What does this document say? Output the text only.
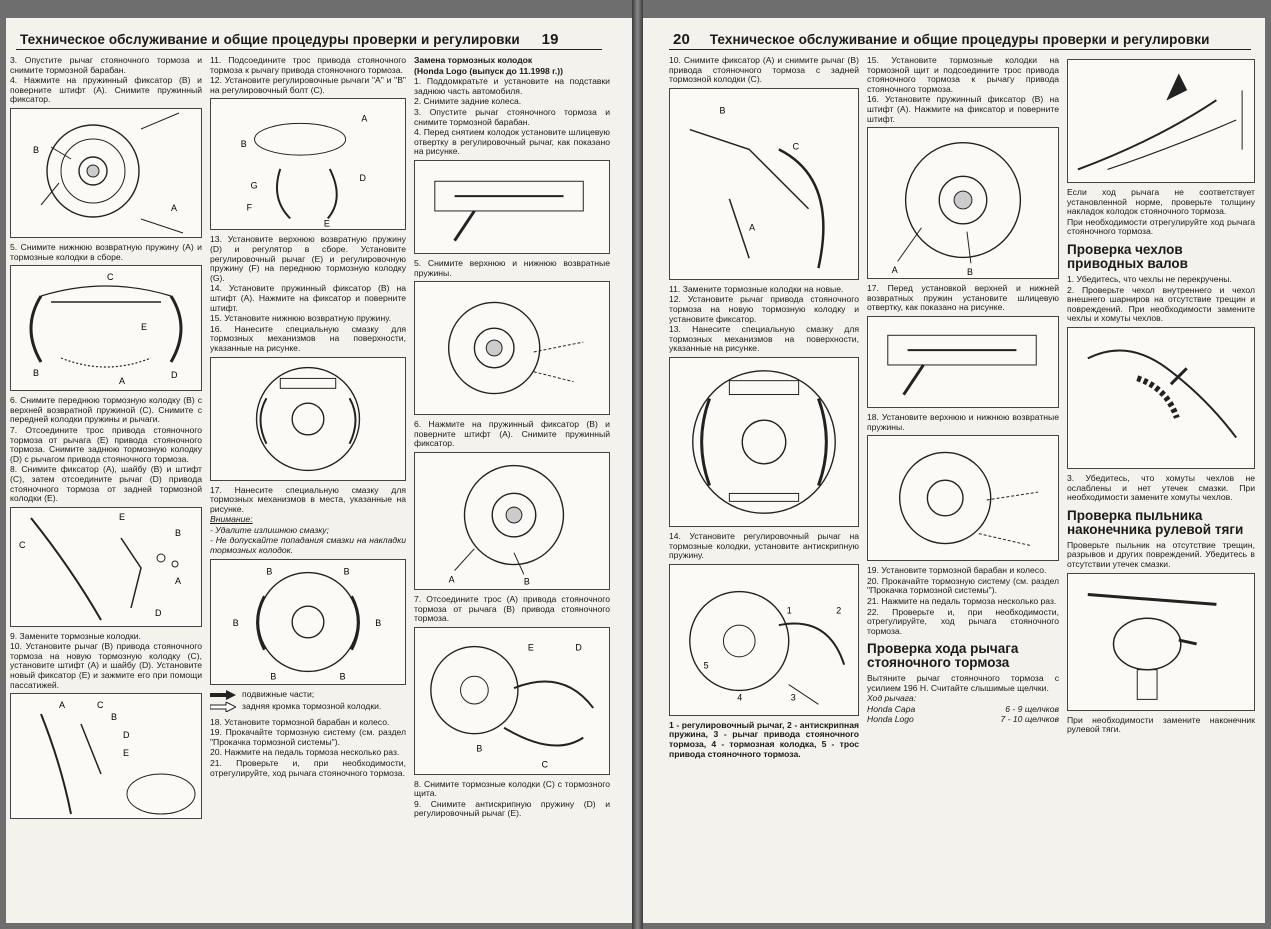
Техническое обслуживание и общие процедуры проверки и регулировки 19

3. Опустите рычаг стояночного тормоза и снимите тормозной барабан.

4. Нажмите на пружинный фиксатор (В) и поверните штифт (А). Снимите пружинный фиксатор.

B
A

5. Снимите нижнюю возвратную пружину (А) и тормозные колодки в сборе.

C
E
B
A
D

6. Снимите переднюю тормозную колодку (В) с верхней возвратной пружиной (С). Снимите с передней колодки пружины и рычаги.

7. Отсоедините трос привода стояночного тормоза от рычага (Е) привода стояночного тормоза. Снимите заднюю тормозную колодку (D) с рычагом привода стояночного тормоза.

8. Снимите фиксатор (А), шайбу (В) и штифт (С), затем отсоедините рычаг (D) привода стояночного тормоза от задней тормозной колодки (Е).

E
C
B
A
D

9. Замените тормозные колодки.

10. Установите рычаг (В) привода стояночного тормоза на новую тормозную колодку (С), установите штифт (А) и шайбу (D). Установите новый фиксатор (Е) и зажмите его при помощи пассатижей.

A	C
B
D
E

11. Подсоедините трос привода стояночного тормоза к рычагу привода стояночного тормоза.

12. Установите регулировочные рычаги "А" и "В" на регулировочный болт (С).

A
B
D
G
F
E

13. Установите верхнюю возвратную пружину (D) и регулятор в сборе. Установите регулировочный рычаг (Е) и регулировочную пружину (F) на переднюю тормозную колодку (G).

14. Установите пружинный фиксатор (В) на штифт (А). Нажмите на фиксатор и поверните штифт.

15. Установите нижнюю возвратную пружину.

16. Нанесите специальную смазку для тормозных механизмов на поверхности, указанные на рисунке.

17. Нанесите специальную смазку для тормозных механизмов в места, указанные на рисунке.

Внимание:

- Удалите излишнюю смазку;

- Не допускайте попадания смазки на накладки тормозных колодок.

B	B
B	B
B	B
подвижные части;
задняя кромка тормозной колодки.

18. Установите тормозной барабан и колесо.

19. Прокачайте тормозную систему (см. раздел "Прокачка тормозной системы").

20. Нажмите на педаль тормоза несколько раз.

21. Проверьте и, при необходимости, отрегулируйте, ход рычага стояночного тормоза.

Замена тормозных колодок

(Honda Logo (выпуск до 11.1998 г.))

1. Поддомкратьте и установите на подставки заднюю часть автомобиля.

2. Снимите задние колеса.

3. Опустите рычаг стояночного тормоза и снимите тормозной барабан.

4. Перед снятием колодок установите шлицевую отвертку в регулировочный рычаг, как показано на рисунке.

5. Снимите верхнюю и нижнюю возвратные пружины.

6. Нажмите на пружинный фиксатор (В) и поверните штифт (А). Снимите пружинный фиксатор.

A	B

7. Отсоедините трос (А) привода стояночного тормоза от рычага (В) привода стояночного тормоза.

E	D
B
C

8. Снимите тормозные колодки (С) с тормозного щита.

9. Снимите антискрипную пружину (D) и регулировочный рычаг (Е).

20 Техническое обслуживание и общие процедуры проверки и регулировки

10. Снимите фиксатор (А) и снимите рычаг (В) привода стояночного тормоза с задней тормозной колодки (С).

B
C
A

11. Замените тормозные колодки на новые.

12. Установите рычаг привода стояночного тормоза на новую тормозную колодку и установите фиксатор.

13. Нанесите специальную смазку для тормозных механизмов на поверхности, указанные на рисунке.

14. Установите регулировочный рычаг на тормозные колодки, установите антискрипную пружину.

1	2
3
4
5

1 - регулировочный рычаг, 2 - антискрипная пружина, 3 - рычаг привода стояночного тормоза, 4 - тормозная колодка, 5 - трос привода стояночного тормоза.

15. Установите тормозные колодки на тормозной щит и подсоедините трос привода стояночного тормоза к рычагу привода стояночного тормоза.

16. Установите пружинный фиксатор (В) на штифт (А). Нажмите на фиксатор и поверните штифт.

A	B

17. Перед установкой верхней и нижней возвратных пружин установите шлицевую отвертку, как показано на рисунке.

18. Установите верхнюю и нижнюю возвратные пружины.

19. Установите тормозной барабан и колесо.

20. Прокачайте тормозную систему (см. раздел "Прокачка тормозной системы").

21. Нажмите на педаль тормоза несколько раз.

22. Проверьте и, при необходимости, отрегулируйте, ход рычага стояночного тормоза.

Проверка хода рычага стояночного тормоза

Вытяните рычаг стояночного тормоза с усилием 196 Н. Считайте слышимые щелчки.

Ход рычага:

Honda Capa	6 - 9 щелчков
Honda Logo	7 - 10 щелчков

Если ход рычага не соответствует установленной норме, проверьте толщину накладок колодок стояночного тормоза.

При необходимости отрегулируйте ход рычага стояночного тормоза.

Проверка чехлов приводных валов

1. Убедитесь, что чехлы не перекручены.

2. Проверьте чехол внутреннего и чехол внешнего шарниров на отсутствие трещин и повреждений. При необходимости замените чехлы и хомуты чехлов.

3. Убедитесь, что хомуты чехлов не ослаблены и нет утечек смазки. При необходимости замените хомуты чехлов.

Проверка пыльника наконечника рулевой тяги

Проверьте пыльник на отсутствие трещин, разрывов и других повреждений. Убедитесь в отсутствии утечек смазки.

При необходимости замените наконечник рулевой тяги.
